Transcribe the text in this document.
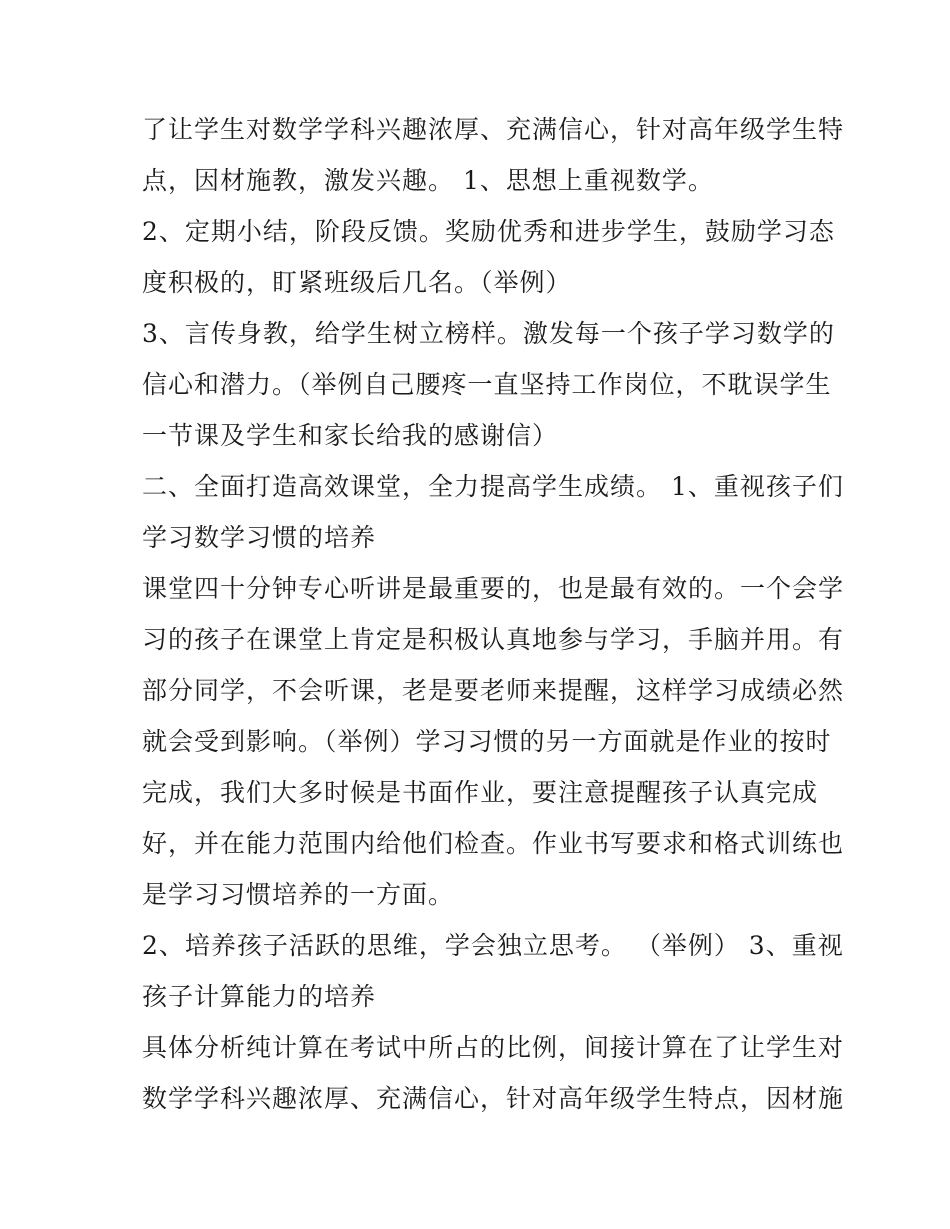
了让学生对数学学科兴趣浓厚、充满信心，针对高年级学生特
点，因材施教，激发兴趣。 1、思想上重视数学。
2、定期小结，阶段反馈。奖励优秀和进步学生，鼓励学习态
度积极的，盯紧班级后几名。（举例）
3、言传身教，给学生树立榜样。激发每一个孩子学习数学的
信心和潜力。（举例自己腰疼一直坚持工作岗位，不耽误学生
一节课及学生和家长给我的感谢信）
二、全面打造高效课堂，全力提高学生成绩。 1、重视孩子们
学习数学习惯的培养
课堂四十分钟专心听讲是最重要的，也是最有效的。一个会学
习的孩子在课堂上肯定是积极认真地参与学习，手脑并用。有
部分同学，不会听课，老是要老师来提醒，这样学习成绩必然
就会受到影响。（举例）学习习惯的另一方面就是作业的按时
完成，我们大多时候是书面作业，要注意提醒孩子认真完成
好，并在能力范围内给他们检查。作业书写要求和格式训练也
是学习习惯培养的一方面。
2、培养孩子活跃的思维，学会独立思考。 （举例） 3、重视
孩子计算能力的培养
具体分析纯计算在考试中所占的比例，间接计算在了让学生对
数学学科兴趣浓厚、充满信心，针对高年级学生特点，因材施
